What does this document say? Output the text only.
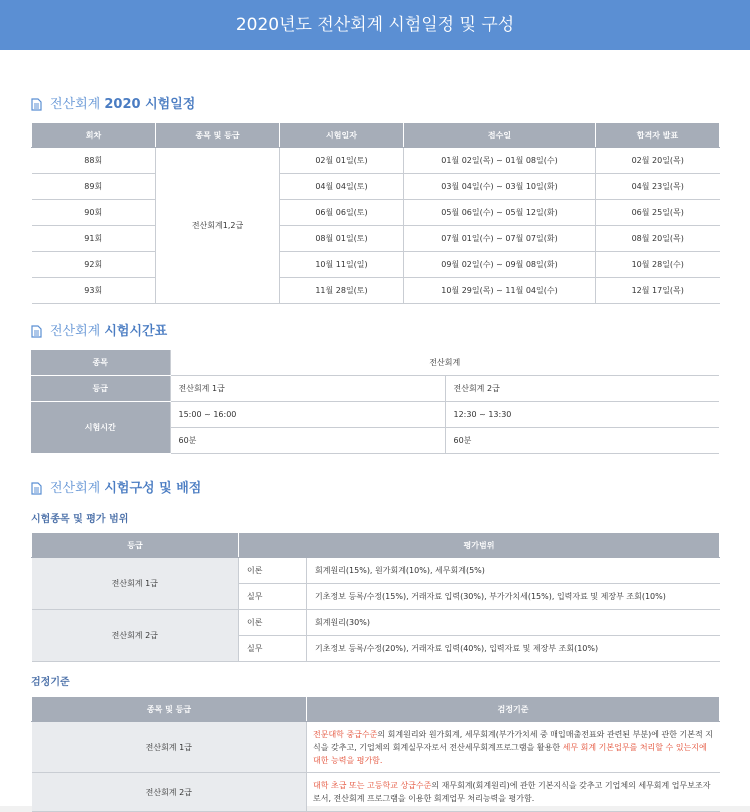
2020년도 전산회계 시험일정 및 구성
전산회계 2020 시험일정
회차	종목 및 등급	시험일자	접수일	합격자 발표
88회	전산회계1,2급	02월 01일(토)	01월 02일(목) ~ 01월 08일(수)	02월 20일(목)
89회		04월 04일(토)	03월 04일(수) ~ 03월 10일(화)	04월 23일(목)
90회		06월 06일(토)	05월 06일(수) ~ 05월 12일(화)	06월 25일(목)
91회		08월 01일(토)	07월 01일(수) ~ 07월 07일(화)	08월 20일(목)
92회		10월 11일(일)	09월 02일(수) ~ 09월 08일(화)	10월 28일(수)
93회		11월 28일(토)	10월 29일(목) ~ 11월 04일(수)	12월 17일(목)
전산회계 시험시간표
종목	전산회계	
등급	전산회계 1급	전산회계 2급
시험시간	15:00 ~ 16:00	12:30 ~ 13:30
	60분	60분
전산회계 시험구성 및 배점
시험종목 및 평가 범위
등급	평가범위	
전산회계 1급	이론	회계원리(15%), 원가회계(10%), 세무회계(5%)
	실무	기초정보 등록/수정(15%), 거래자료 입력(30%), 부가가치세(15%), 입력자료 및 제장부 조회(10%)
전산회계 2급	이론	회계원리(30%)
	실무	기초정보 등록/수정(20%), 거래자료 입력(40%), 입력자료 및 제장부 조회(10%)
검정기준
종목 및 등급	검정기준
전산회계 1급	전문대학 중급수준의 회계원리와 원가회계, 세무회계(부가가치세 중 매입매출전표와 관련된 부분)에 관한 기본적 지식을 갖추고, 기업체의 회계실무자로서 전산세무회계프로그램을 활용한 세무 회계 기본업무를 처리할 수 있는지에 대한 능력을 평가함.
전산회계 2급	대학 초급 또는 고등학교 상급수준의 재무회계(회계원리)에 관한 기본지식을 갖추고 기업체의 세무회계 업무보조자로서, 전산회계 프로그램을 이용한 회계업무 처리능력을 평가함.
